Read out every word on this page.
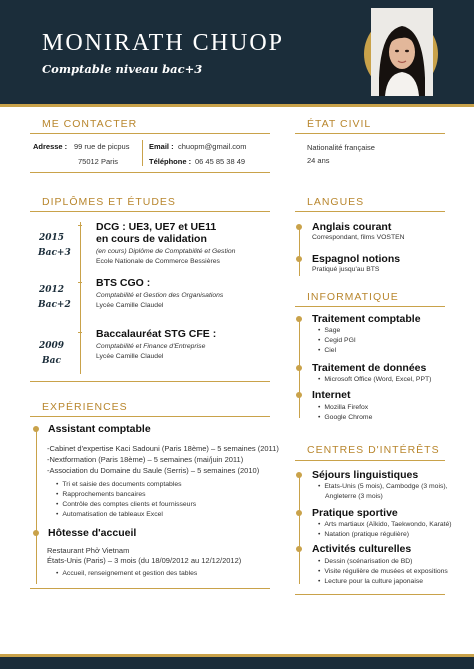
MONIRATH CHUOP
Comptable niveau bac+3
ME CONTACTER
Adresse : 99 rue de picpus
75012 Paris
Email : chuopm@gmail.com
Téléphone : 06 45 85 38 49
ÉTAT CIVIL
Nationalité française
24 ans
DIPLÔMES ET ÉTUDES
2015
Bac+3
DCG : UE3, UE7 et UE11
en cours de validation
(en cours) Diplôme de Comptabilité et Gestion
Ecole Nationale de Commerce Bessières
2012
Bac+2
BTS CGO :
Comptabilité et Gestion des Organisations
Lycée Camille Claudel
2009
Bac
Baccalauréat STG CFE :
Comptabilité et Finance d'Entreprise
Lycée Camille Claudel
EXPÉRIENCES
Assistant comptable
-Cabinet d'expertise Kaci Sadouni (Paris 18ème) – 5 semaines (2011)
-Nextformation (Paris 18ème) – 5 semaines (mai/juin 2011)
-Association du Domaine du Saule (Serris) – 5 semaines (2010)
• Tri et saisie des documents comptables
• Rapprochements bancaires
• Contrôle des comptes clients et fournisseurs
• Automatisation de tableaux Excel
Hôtesse d'accueil
Restaurant Phở Vietnam
États-Unis (Paris) – 3 mois (du 18/09/2012 au 12/12/2012)
• Accueil, renseignement et gestion des tables
LANGUES
Anglais courant
Correspondant, films VOSTEN
Espagnol notions
Pratiqué jusqu'au BTS
INFORMATIQUE
Traitement comptable
• Sage
• Cegid PGI
• Ciel
Traitement de données
• Microsoft Office (Word, Excel, PPT)
Internet
• Mozilla Firefox
• Google Chrome
CENTRES D'INTÉRÊTS
Séjours linguistiques
• Etats-Unis (5 mois), Cambodge (3 mois),
Angleterre (3 mois)
Pratique sportive
• Arts martiaux (Aïkido, Taekwondo, Karaté)
• Natation (pratique régulière)
Activités culturelles
• Dessin (scénarisation de BD)
• Visite régulière de musées et expositions
• Lecture pour la culture japonaise
